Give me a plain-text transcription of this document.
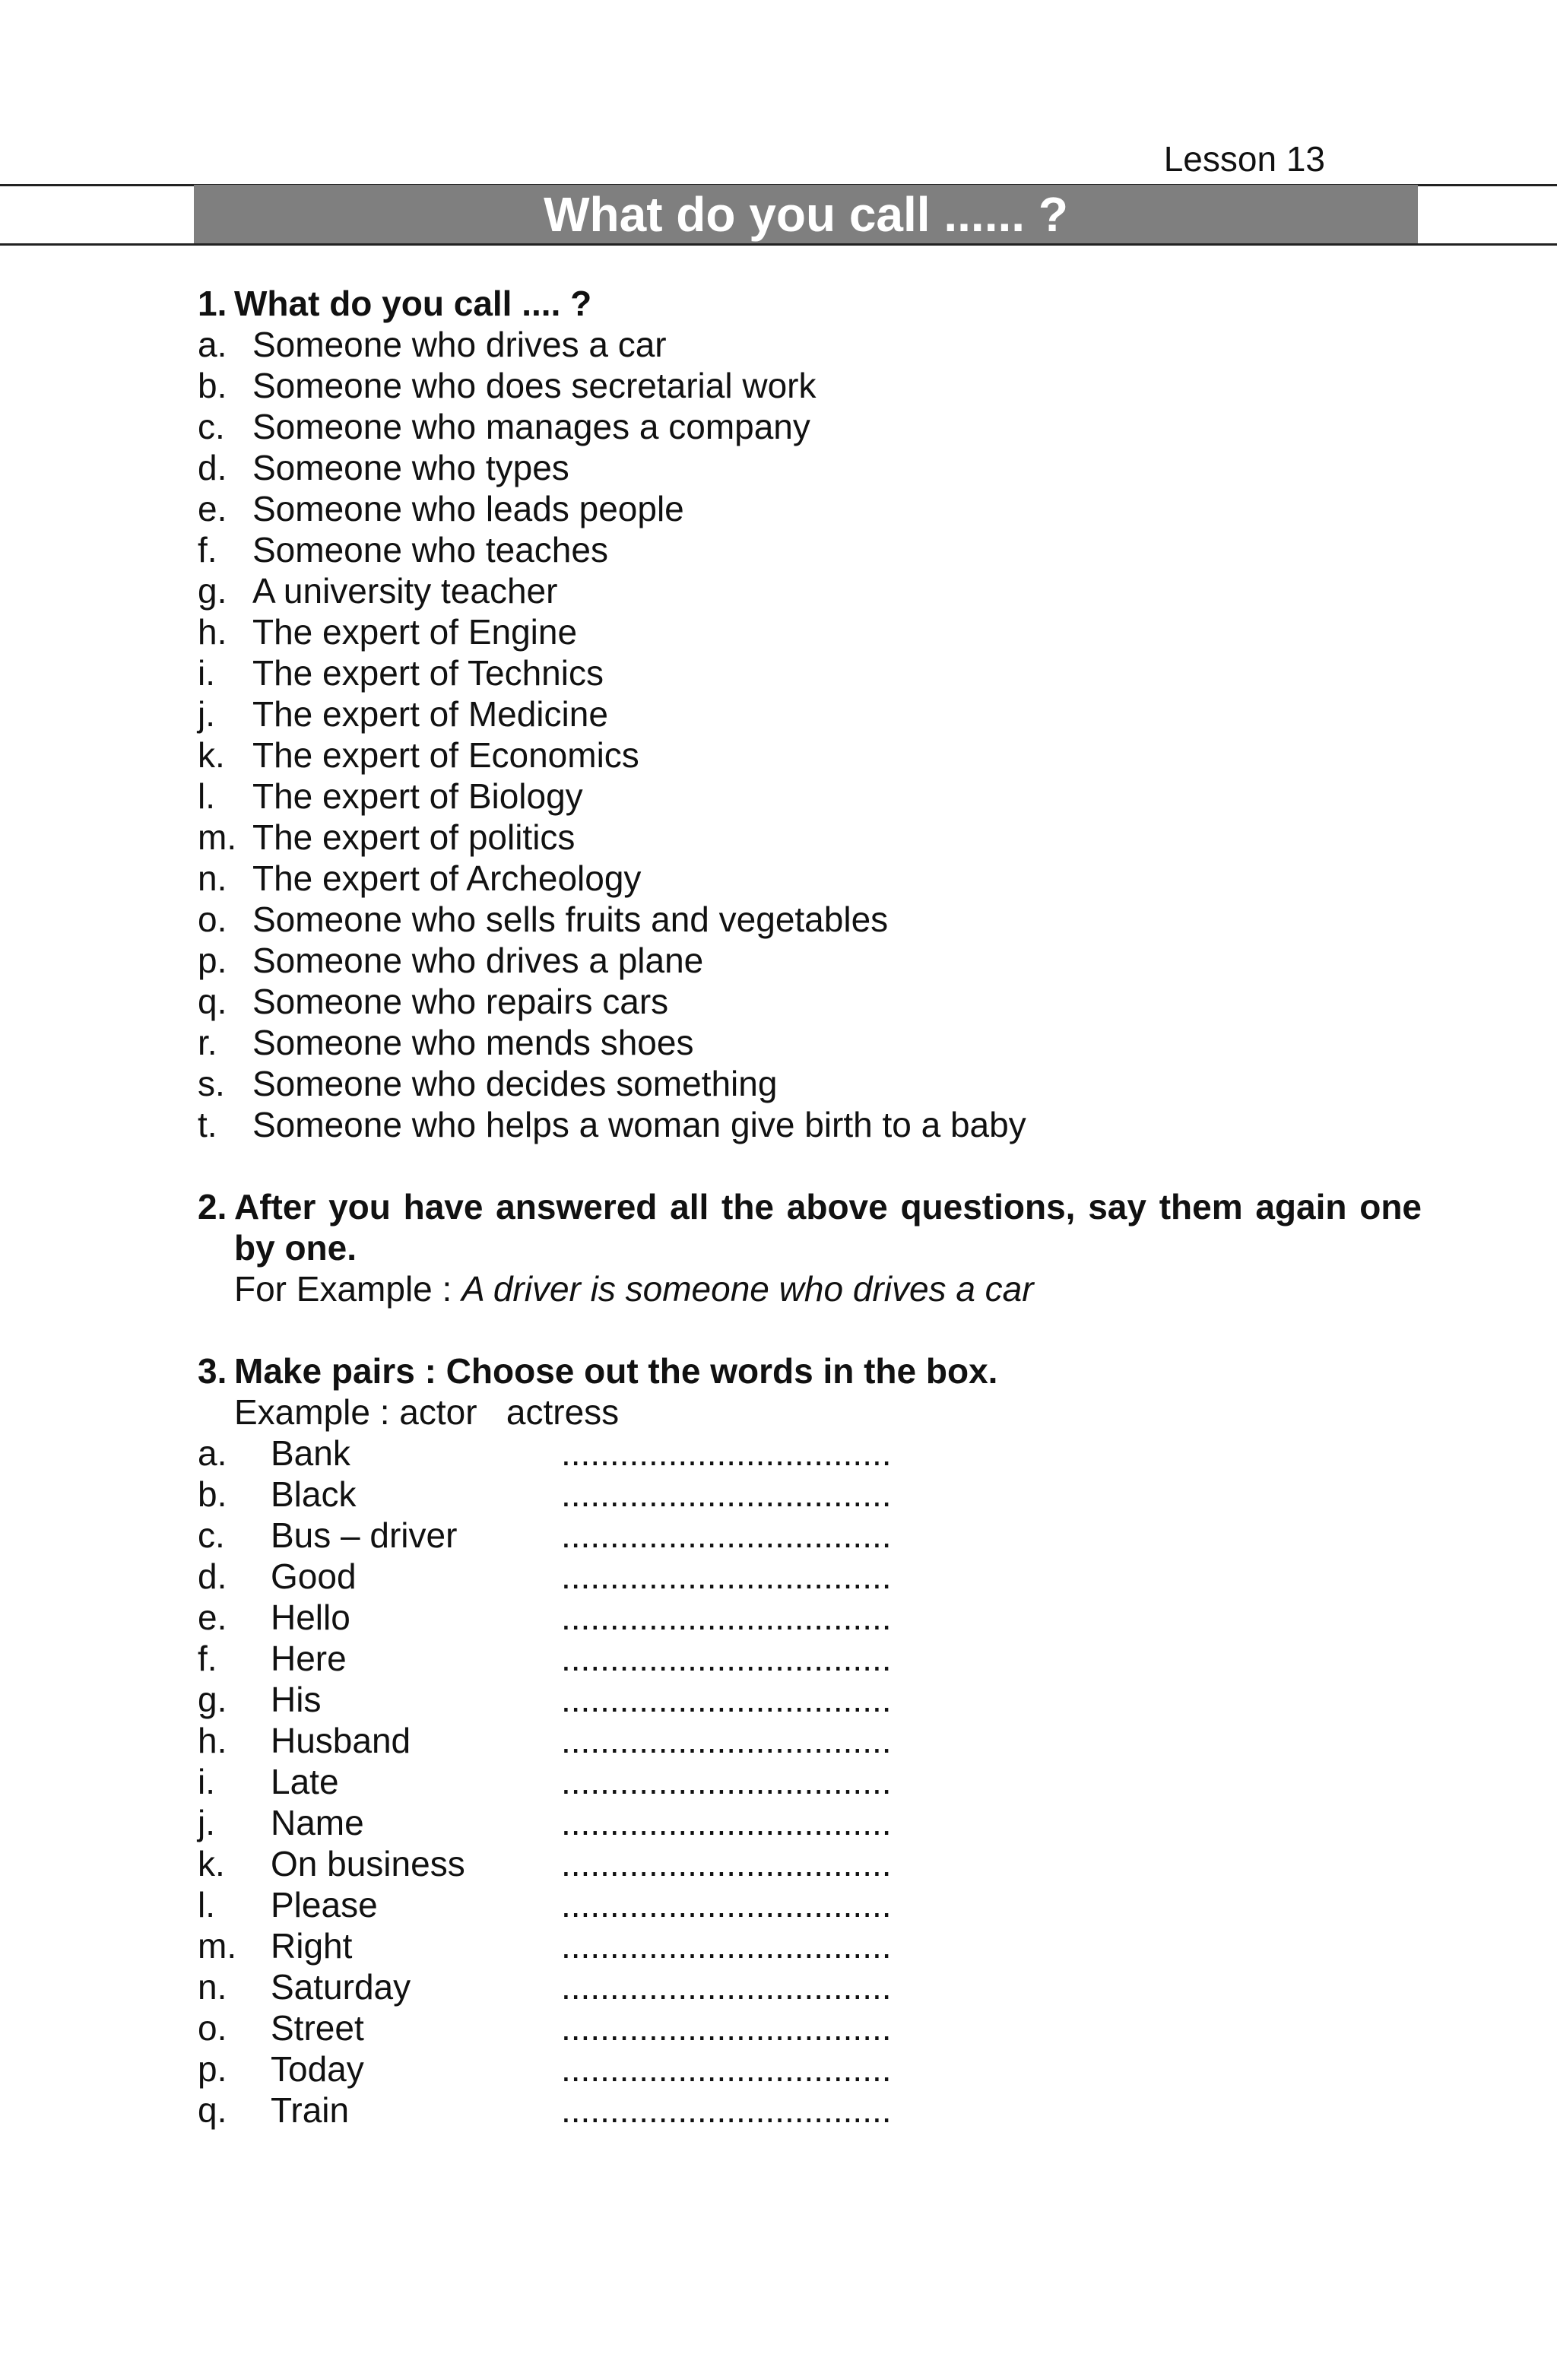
Lesson 13
What do you call ...... ?
1. What do you call .... ?
a. Someone who drives a car
b. Someone who does secretarial work
c. Someone who manages a company
d. Someone who types
e. Someone who leads people
f. Someone who teaches
g. A university teacher
h. The expert of Engine
i. The expert of Technics
j. The expert of Medicine
k. The expert of Economics
l. The expert of Biology
m. The expert of politics
n. The expert of Archeology
o. Someone who sells fruits and vegetables
p. Someone who drives a plane
q. Someone who repairs cars
r. Someone who mends shoes
s. Someone who decides something
t. Someone who helps a woman give birth to a baby
2. After you have answered all the above questions, say them again one by one.
For Example : A driver is someone who drives a car
3. Make pairs : Choose out the words in the box.
Example : actor   actress
a. Bank	..................................
b. Black	..................................
c. Bus – driver	..................................
d. Good	..................................
e. Hello	..................................
f. Here	..................................
g. His	..................................
h. Husband	..................................
i. Late	..................................
j. Name	..................................
k. On business	..................................
l. Please	..................................
m. Right	..................................
n. Saturday	..................................
o. Street	..................................
p. Today	..................................
q. Train	..................................
